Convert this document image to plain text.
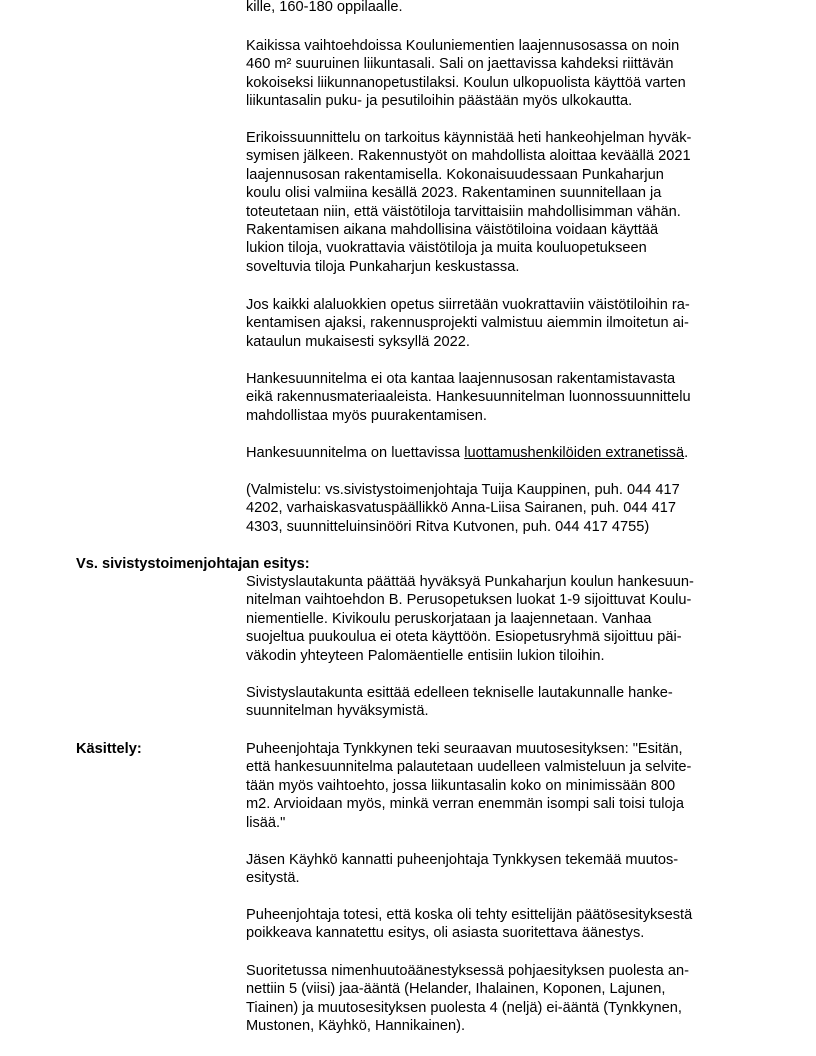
kille, 160-180 oppilaalle.
Kaikissa vaihtoehdoissa Kouluniementien laajennusosassa on noin
460 m² suuruinen liikuntasali. Sali on jaettavissa kahdeksi riittävän
kokoiseksi liikunnanopetustilaksi. Koulun ulkopuolista käyttöä varten
liikuntasalin puku- ja pesutiloihin päästään myös ulkokautta.
Erikoissuunnittelu on tarkoitus käynnistää heti hankeohjelman hyväk-
symisen jälkeen. Rakennustyöt on mahdollista aloittaa keväällä 2021
laajennusosan rakentamisella. Kokonaisuudessaan Punkaharjun
koulu olisi valmiina kesällä 2023. Rakentaminen suunnitellaan ja
toteutetaan niin, että väistötiloja tarvittaisiin mahdollisimman vähän.
Rakentamisen aikana mahdollisina väistötiloina voidaan käyttää
lukion tiloja, vuokrattavia väistötiloja ja muita kouluopetukseen
soveltuvia tiloja Punkaharjun keskustassa.
Jos kaikki alaluokkien opetus siirretään vuokrattaviin väistötiloihin ra-
kentamisen ajaksi, rakennusprojekti valmistuu aiemmin ilmoitetun ai-
kataulun mukaisesti syksyllä 2022.
Hankesuunnitelma ei ota kantaa laajennusosan rakentamistavasta
eikä rakennusmateriaaleista. Hankesuunnitelman luonnossuunnittelu
mahdollistaa myös puurakentamisen.

Hankesuunnitelma on luettavissa luottamushenkilöiden extranetissä.

(Valmistelu: vs.sivistystoimenjohtaja Tuija Kauppinen, puh. 044 417
4202, varhaiskasvatuspäällikkö Anna-Liisa Sairanen, puh. 044 417
4303, suunnitteluinsinööri Ritva Kutvonen, puh. 044 417 4755)

Vs. sivistystoimenjohtajan esitys:

Sivistyslautakunta päättää hyväksyä Punkaharjun koulun hankesuun-
nitelman vaihtoehdon B. Perusopetuksen luokat 1-9 sijoittuvat Koulu-
niementielle. Kivikoulu peruskorjataan ja laajennetaan. Vanhaa
suojeltua puukoulua ei oteta käyttöön. Esiopetusryhmä sijoittuu päi-
väkodin yhteyteen Palomäentielle entisiin lukion tiloihin.
Sivistyslautakunta esittää edelleen tekniselle lautakunnalle hanke-
suunnitelman hyväksymistä.

Käsittely:	Puheenjohtaja Tynkkynen teki seuraavan muutosesityksen: "Esitän,
että hankesuunnitelma palautetaan uudelleen valmisteluun ja selvite-
tään myös vaihtoehto, jossa liikuntasalin koko on minimissään 800
m2. Arvioidaan myös, minkä verran enemmän isompi sali toisi tuloja
lisää."
Jäsen Käyhkö kannatti puheenjohtaja Tynkkysen tekemää muutos-
esitystä.
Puheenjohtaja totesi, että koska oli tehty esittelijän päätösesityksestä
poikkeava kannatettu esitys, oli asiasta suoritettava äänestys.
Suoritetussa nimenhuutoäänestyksessä pohjaesityksen puolesta an-
nettiin 5 (viisi) jaa-ääntä (Helander, Ihalainen, Koponen, Lajunen,
Tiainen) ja muutosesityksen puolesta 4 (neljä) ei-ääntä (Tynkkynen,
Mustonen, Käyhkö, Hannikainen).
